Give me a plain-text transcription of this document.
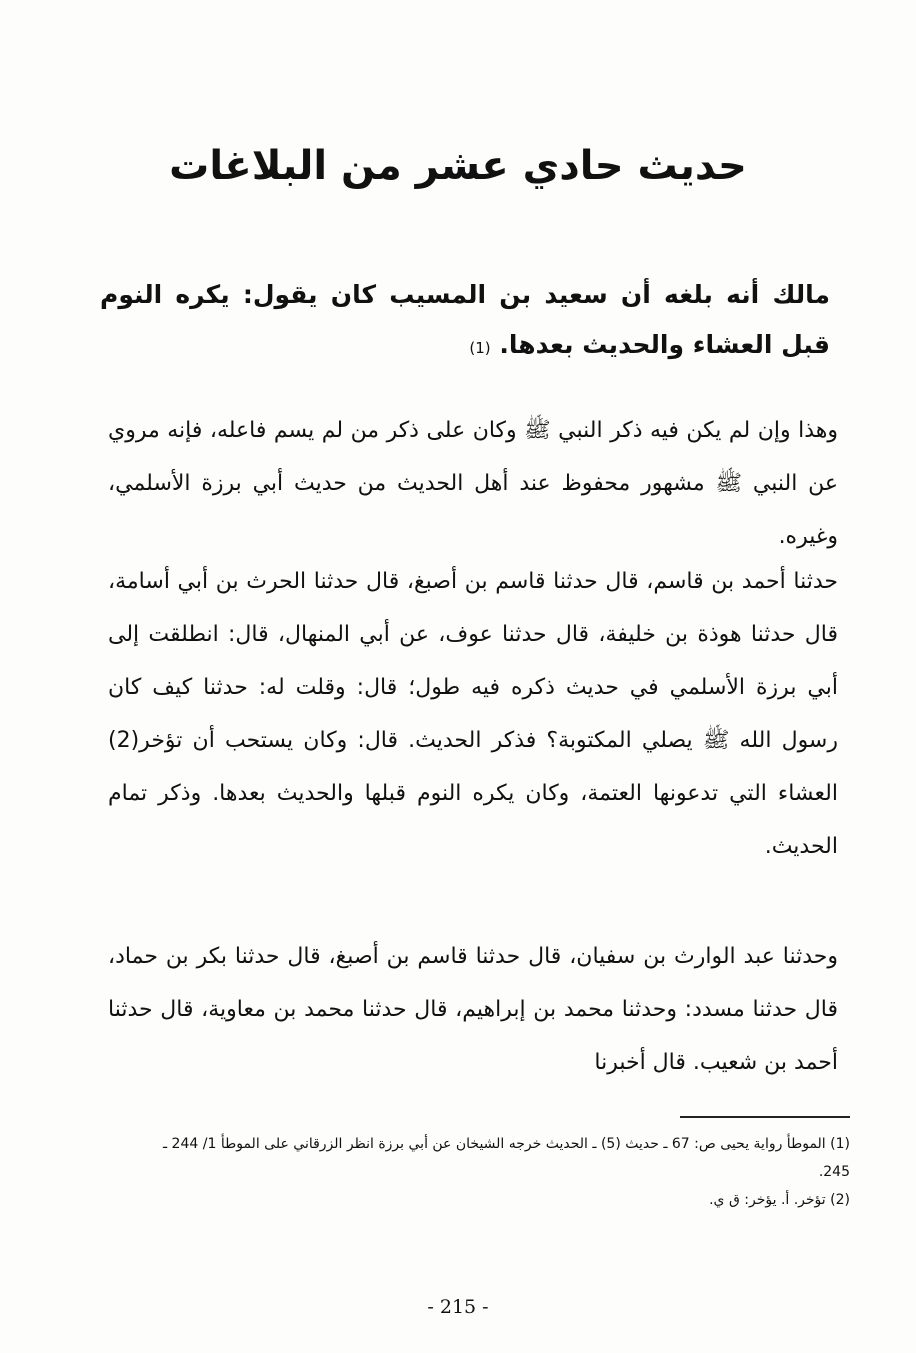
حديث حادي عشر من البلاغات
مالك أنه بلغه أن سعيد بن المسيب كان يقول: يكره النوم قبل العشاء والحديث بعدها. (1)
وهذا وإن لم يكن فيه ذكر النبي ﷺ وكان على ذكر من لم يسم فاعله، فإنه مروي عن النبي ﷺ مشهور محفوظ عند أهل الحديث من حديث أبي برزة الأسلمي، وغيره.
حدثنا أحمد بن قاسم، قال حدثنا قاسم بن أصبغ، قال حدثنا الحرث بن أبي أسامة، قال حدثنا هوذة بن خليفة، قال حدثنا عوف، عن أبي المنهال، قال: انطلقت إلى أبي برزة الأسلمي في حديث ذكره فيه طول؛ قال: وقلت له: حدثنا كيف كان رسول الله ﷺ يصلي المكتوبة؟ فذكر الحديث. قال: وكان يستحب أن تؤخر(2) العشاء التي تدعونها العتمة، وكان يكره النوم قبلها والحديث بعدها. وذكر تمام الحديث.
وحدثنا عبد الوارث بن سفيان، قال حدثنا قاسم بن أصبغ، قال حدثنا بكر بن حماد، قال حدثنا مسدد: وحدثنا محمد بن إبراهيم، قال حدثنا محمد بن معاوية، قال حدثنا أحمد بن شعيب. قال أخبرنا
(1) الموطأ رواية يحيى ص: 67 ـ حديث (5) ـ الحديث خرجه الشيخان عن أبي برزة انظر الزرقاني على الموطأ 1/ 244 ـ 245.
(2) تؤخر. أ. يؤخر: ق ي.
- 215 -
